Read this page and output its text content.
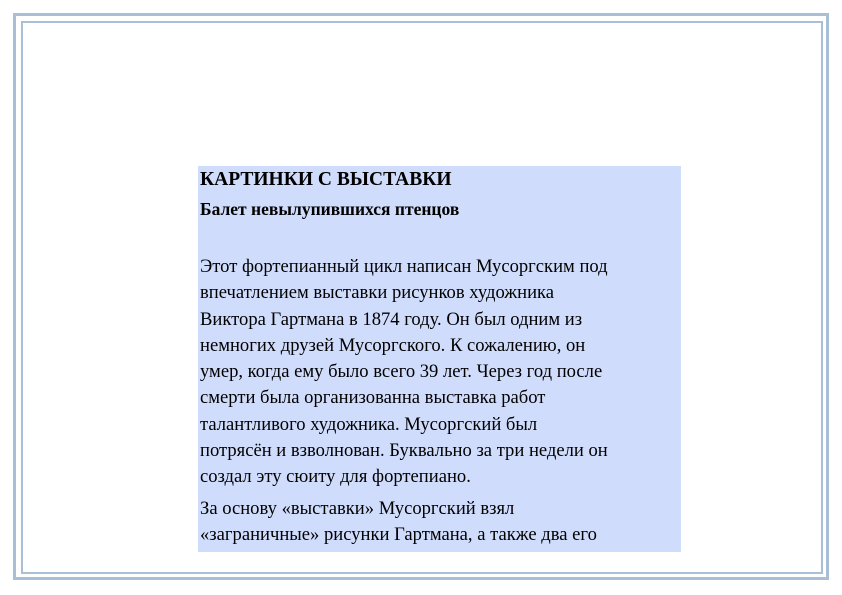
КАРТИНКИ С ВЫСТАВКИ

Балет невылупившихся птенцов

Этот фортепианный цикл написан Мусоргским под
впечатлением выставки рисунков художника
Виктора Гартмана в 1874 году. Он был одним из
немногих друзей Мусоргского. К сожалению, он
умер, когда ему было всего 39 лет. Через год после
смерти была организованна выставка работ
талантливого художника. Мусоргский был
потрясён и взволнован. Буквально за три недели он
создал эту сюиту для фортепиано.

За основу «выставки» Мусоргский взял
«заграничные» рисунки Гартмана, а также два его
